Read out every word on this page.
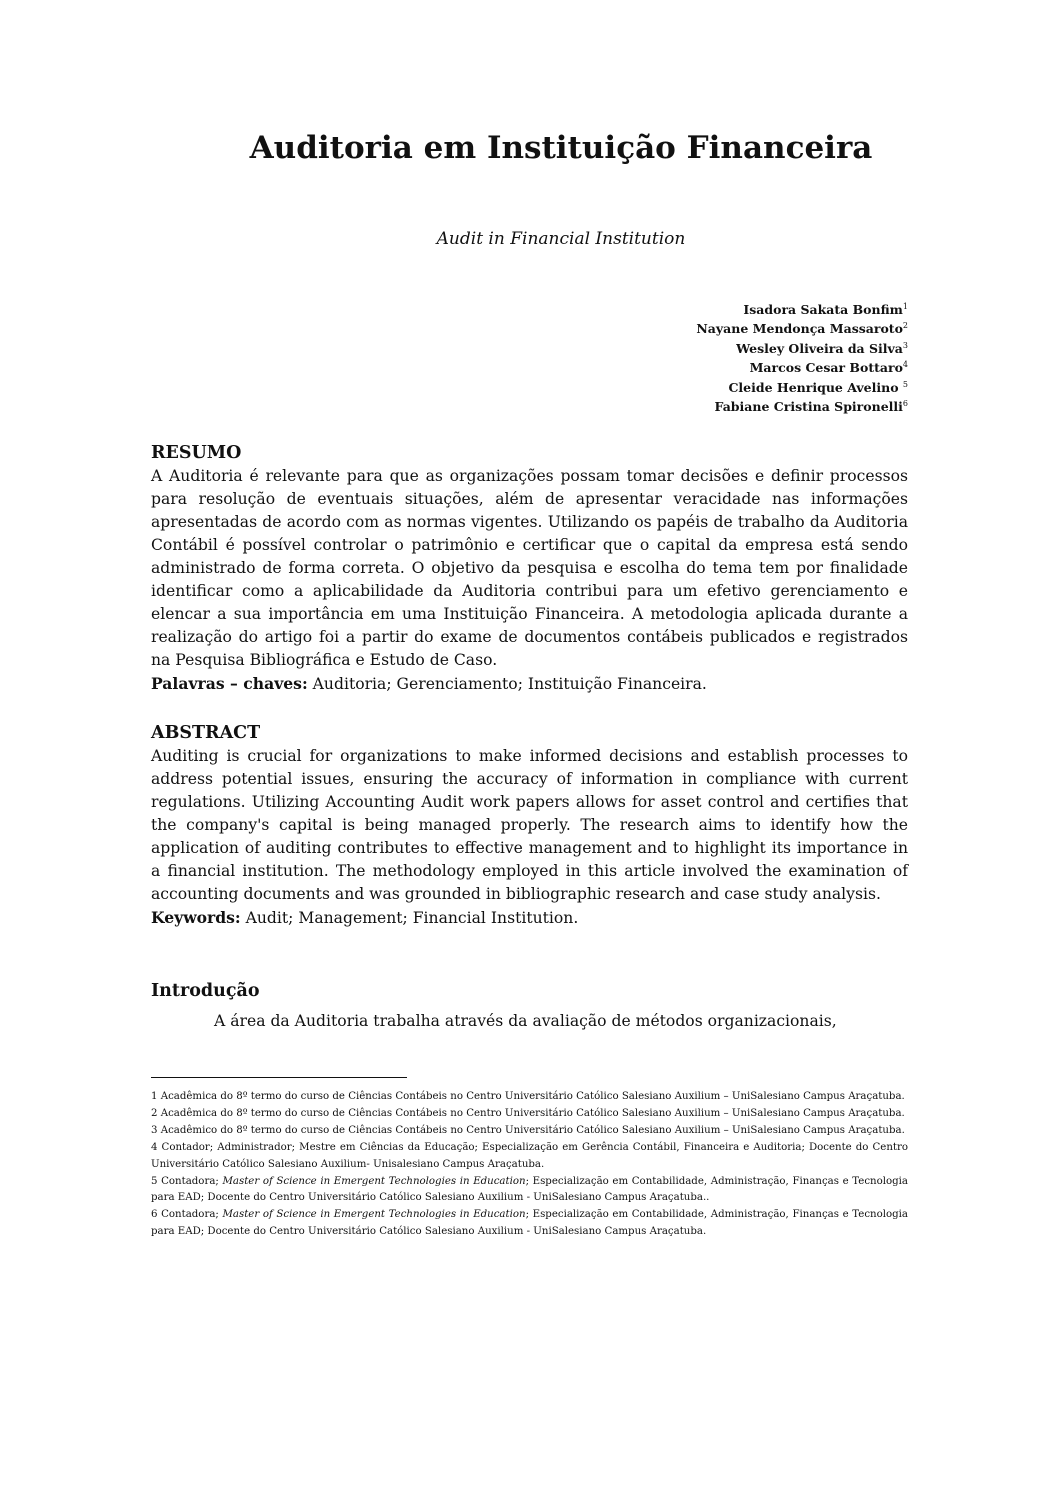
Auditoria em Instituição Financeira

Audit in Financial Institution

Isadora Sakata Bonfim$^1$
Nayane Mendonça Massaroto$^2$
Wesley Oliveira da Silva$^3$
Marcos Cesar Bottaro$^4$
Cleide Henrique Avelino $^5$
Fabiane Cristina Spironelli$^6$
RESUMO

A Auditoria é relevante para que as organizações possam tomar decisões e definir processos para resolução de eventuais situações, além de apresentar veracidade nas informações apresentadas de acordo com as normas vigentes. Utilizando os papéis de trabalho da Auditoria Contábil é possível controlar o patrimônio e certificar que o capital da empresa está sendo administrado de forma correta. O objetivo da pesquisa e escolha do tema tem por finalidade identificar como a aplicabilidade da Auditoria contribui para um efetivo gerenciamento e elencar a sua importância em uma Instituição Financeira. A metodologia aplicada durante a realização do artigo foi a partir do exame de documentos contábeis publicados e registrados na Pesquisa Bibliográfica e Estudo de Caso.

Palavras – chaves: Auditoria; Gerenciamento; Instituição Financeira.

ABSTRACT

Auditing is crucial for organizations to make informed decisions and establish processes to address potential issues, ensuring the accuracy of information in compliance with current regulations. Utilizing Accounting Audit work papers allows for asset control and certifies that the company's capital is being managed properly. The research aims to identify how the application of auditing contributes to effective management and to highlight its importance in a financial institution. The methodology employed in this article involved the examination of accounting documents and was grounded in bibliographic research and case study analysis.

Keywords: Audit; Management; Financial Institution.

Introdução

A área da Auditoria trabalha através da avaliação de métodos organizacionais,

1 Acadêmica do 8º termo do curso de Ciências Contábeis no Centro Universitário Católico Salesiano Auxilium – UniSalesiano Campus Araçatuba.

2 Acadêmica do 8º termo do curso de Ciências Contábeis no Centro Universitário Católico Salesiano Auxilium – UniSalesiano Campus Araçatuba.

3 Acadêmico do 8º termo do curso de Ciências Contábeis no Centro Universitário Católico Salesiano Auxilium – UniSalesiano Campus Araçatuba.

4 Contador; Administrador; Mestre em Ciências da Educação; Especialização em Gerência Contábil, Financeira e Auditoria; Docente do Centro Universitário Católico Salesiano Auxilium- Unisalesiano Campus Araçatuba.

5 Contadora; Master of Science in Emergent Technologies in Education; Especialização em Contabilidade, Administração, Finanças e Tecnologia para EAD; Docente do Centro Universitário Católico Salesiano Auxilium - UniSalesiano Campus Araçatuba..

6 Contadora; Master of Science in Emergent Technologies in Education; Especialização em Contabilidade, Administração, Finanças e Tecnologia para EAD; Docente do Centro Universitário Católico Salesiano Auxilium - UniSalesiano Campus Araçatuba.
